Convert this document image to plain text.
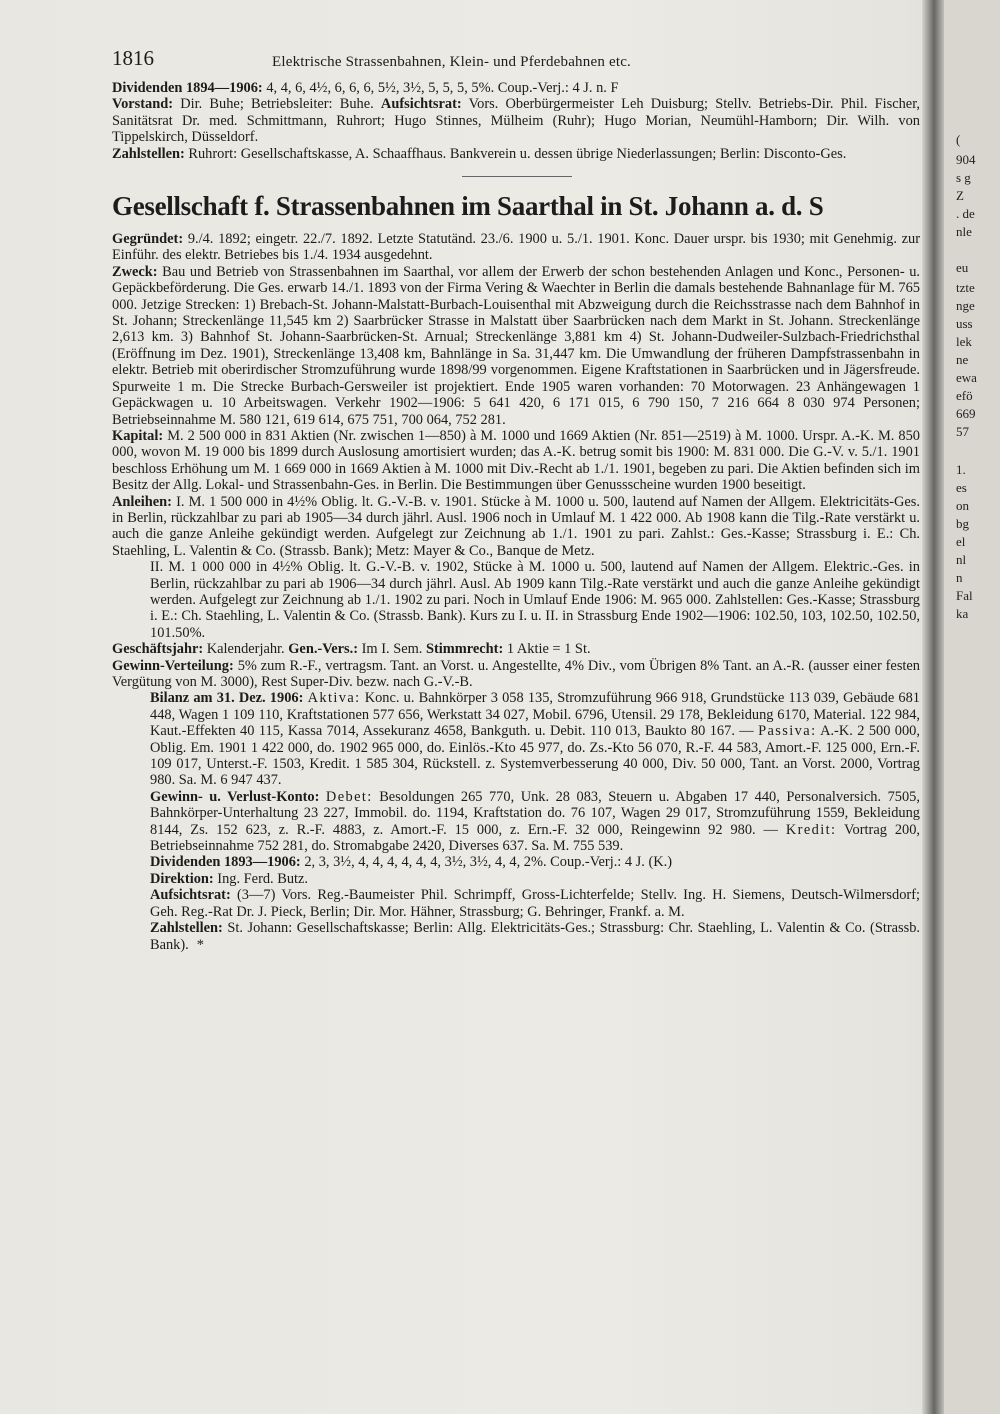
1816	Elektrische Strassenbahnen, Klein- und Pferdebahnen etc.

Dividenden 1894—1906: 4, 4, 6, 4½, 6, 6, 6, 5½, 3½, 5, 5, 5, 5%. Coup.-Verj.: 4 J. n. F

Vorstand: Dir. Buhe; Betriebsleiter: Buhe. Aufsichtsrat: Vors. Oberbürgermeister Leh Duisburg; Stellv. Betriebs-Dir. Phil. Fischer, Sanitätsrat Dr. med. Schmittmann, Ruhrort; Hugo Stinnes, Mülheim (Ruhr); Hugo Morian, Neumühl-Hamborn; Dir. Wilh. von Tippelskirch, Düsseldorf.

Zahlstellen: Ruhrort: Gesellschaftskasse, A. Schaaffhaus. Bankverein u. dessen übrige Niederlassungen; Berlin: Disconto-Ges.

Gesellschaft f. Strassenbahnen im Saarthal in St. Johann a. d. S

Gegründet: 9./4. 1892; eingetr. 22./7. 1892. Letzte Statutänd. 23./6. 1900 u. 5./1. 1901. Konc. Dauer urspr. bis 1930; mit Genehmig. zur Einführ. des elektr. Betriebes bis 1./4. 1934 ausgedehnt.

Zweck: Bau und Betrieb von Strassenbahnen im Saarthal, vor allem der Erwerb der schon bestehenden Anlagen und Konc., Personen- u. Gepäckbeförderung. Die Ges. erwarb 14./1. 1893 von der Firma Vering & Waechter in Berlin die damals bestehende Bahnanlage für M. 765 000. Jetzige Strecken: 1) Brebach-St. Johann-Malstatt-Burbach-Louisenthal mit Abzweigung durch die Reichsstrasse nach dem Bahnhof in St. Johann; Streckenlänge 11,545 km 2) Saarbrücker Strasse in Malstatt über Saarbrücken nach dem Markt in St. Johann. Streckenlänge 2,613 km. 3) Bahnhof St. Johann-Saarbrücken-St. Arnual; Streckenlänge 3,881 km 4) St. Johann-Dudweiler-Sulzbach-Friedrichsthal (Eröffnung im Dez. 1901), Streckenlänge 13,408 km, Bahnlänge in Sa. 31,447 km. Die Umwandlung der früheren Dampfstrassenbahn in elektr. Betrieb mit oberirdischer Stromzuführung wurde 1898/99 vorgenommen. Eigene Kraftstationen in Saarbrücken und in Jägersfreude. Spurweite 1 m. Die Strecke Burbach-Gersweiler ist projektiert. Ende 1905 waren vorhanden: 70 Motorwagen. 23 Anhängewagen 1 Gepäckwagen u. 10 Arbeitswagen. Verkehr 1902—1906: 5 641 420, 6 171 015, 6 790 150, 7 216 664 8 030 974 Personen; Betriebseinnahme M. 580 121, 619 614, 675 751, 700 064, 752 281.

Kapital: M. 2 500 000 in 831 Aktien (Nr. zwischen 1—850) à M. 1000 und 1669 Aktien (Nr. 851—2519) à M. 1000. Urspr. A.-K. M. 850 000, wovon M. 19 000 bis 1899 durch Auslosung amortisiert wurden; das A.-K. betrug somit bis 1900: M. 831 000. Die G.-V. v. 5./1. 1901 beschloss Erhöhung um M. 1 669 000 in 1669 Aktien à M. 1000 mit Div.-Recht ab 1./1. 1901, begeben zu pari. Die Aktien befinden sich im Besitz der Allg. Lokal- und Strassenbahn-Ges. in Berlin. Die Bestimmungen über Genussscheine wurden 1900 beseitigt.

Anleihen: I. M. 1 500 000 in 4½% Oblig. lt. G.-V.-B. v. 1901. Stücke à M. 1000 u. 500, lautend auf Namen der Allgem. Elektricitäts-Ges. in Berlin, rückzahlbar zu pari ab 1905—34 durch jährl. Ausl. 1906 noch in Umlauf M. 1 422 000. Ab 1908 kann die Tilg.-Rate verstärkt u. auch die ganze Anleihe gekündigt werden. Aufgelegt zur Zeichnung ab 1./1. 1901 zu pari. Zahlst.: Ges.-Kasse; Strassburg i. E.: Ch. Staehling, L. Valentin & Co. (Strassb. Bank); Metz: Mayer & Co., Banque de Metz.

II. M. 1 000 000 in 4½% Oblig. lt. G.-V.-B. v. 1902, Stücke à M. 1000 u. 500, lautend auf Namen der Allgem. Elektric.-Ges. in Berlin, rückzahlbar zu pari ab 1906—34 durch jährl. Ausl. Ab 1909 kann Tilg.-Rate verstärkt und auch die ganze Anleihe gekündigt werden. Aufgelegt zur Zeichnung ab 1./1. 1902 zu pari. Noch in Umlauf Ende 1906: M. 965 000. Zahlstellen: Ges.-Kasse; Strassburg i. E.: Ch. Staehling, L. Valentin & Co. (Strassb. Bank). Kurs zu I. u. II. in Strassburg Ende 1902—1906: 102.50, 103, 102.50, 102.50, 101.50%.

Geschäftsjahr: Kalenderjahr. Gen.-Vers.: Im I. Sem. Stimmrecht: 1 Aktie = 1 St.

Gewinn-Verteilung: 5% zum R.-F., vertragsm. Tant. an Vorst. u. Angestellte, 4% Div., vom Übrigen 8% Tant. an A.-R. (ausser einer festen Vergütung von M. 3000), Rest Super-Div. bezw. nach G.-V.-B.

Bilanz am 31. Dez. 1906: Aktiva: Konc. u. Bahnkörper 3 058 135, Stromzuführung 966 918, Grundstücke 113 039, Gebäude 681 448, Wagen 1 109 110, Kraftstationen 577 656, Werkstatt 34 027, Mobil. 6796, Utensil. 29 178, Bekleidung 6170, Material. 122 984, Kaut.-Effekten 40 115, Kassa 7014, Assekuranz 4658, Bankguth. u. Debit. 110 013, Baukto 80 167. — Passiva: A.-K. 2 500 000, Oblig. Em. 1901 1 422 000, do. 1902 965 000, do. Einlös.-Kto 45 977, do. Zs.-Kto 56 070, R.-F. 44 583, Amort.-F. 125 000, Ern.-F. 109 017, Unterst.-F. 1503, Kredit. 1 585 304, Rückstell. z. Systemverbesserung 40 000, Div. 50 000, Tant. an Vorst. 2000, Vortrag 980. Sa. M. 6 947 437.

Gewinn- u. Verlust-Konto: Debet: Besoldungen 265 770, Unk. 28 083, Steuern u. Abgaben 17 440, Personalversich. 7505, Bahnkörper-Unterhaltung 23 227, Immobil. do. 1194, Kraftstation do. 76 107, Wagen 29 017, Stromzuführung 1559, Bekleidung 8144, Zs. 152 623, z. R.-F. 4883, z. Amort.-F. 15 000, z. Ern.-F. 32 000, Reingewinn 92 980. — Kredit: Vortrag 200, Betriebseinnahme 752 281, do. Stromabgabe 2420, Diverses 637. Sa. M. 755 539.

Dividenden 1893—1906: 2, 3, 3½, 4, 4, 4, 4, 4, 4, 3½, 3½, 4, 4, 2%. Coup.-Verj.: 4 J. (K.)

Direktion: Ing. Ferd. Butz.

Aufsichtsrat: (3—7) Vors. Reg.-Baumeister Phil. Schrimpff, Gross-Lichterfelde; Stellv. Ing. H. Siemens, Deutsch-Wilmersdorf; Geh. Reg.-Rat Dr. J. Pieck, Berlin; Dir. Mor. Hähner, Strassburg; G. Behringer, Frankf. a. M.

Zahlstellen: St. Johann: Gesellschaftskasse; Berlin: Allg. Elektricitäts-Ges.; Strassburg: Chr. Staehling, L. Valentin & Co. (Strassb. Bank). *

(
904
s g
Z
. de
nle
eu
tzte
nge
uss
lek
ne
ewa
efö
669
57
1.
es
on
bg
el
nl
n
Fal
ka
